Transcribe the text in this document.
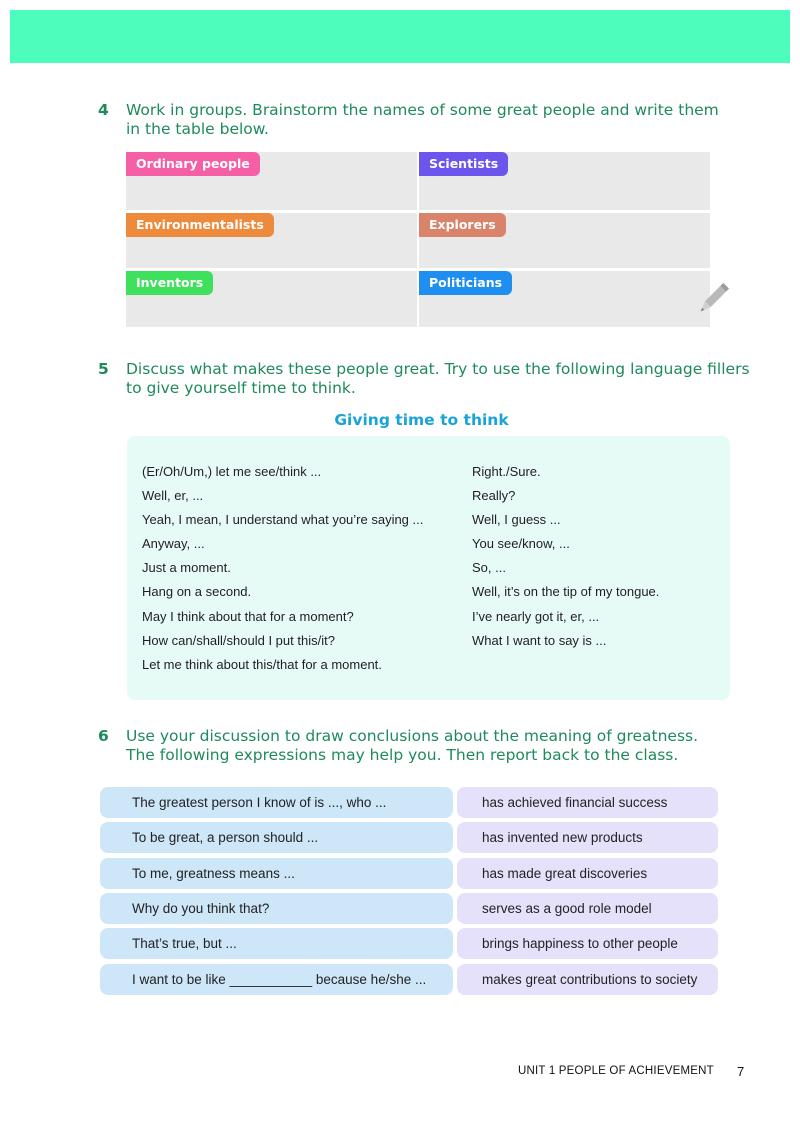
4 Work in groups. Brainstorm the names of some great people and write them
in the table below.
Ordinary people	Scientists
Environmentalists	Explorers
Inventors	Politicians
5 Discuss what makes these people great. Try to use the following language fillers
to give yourself time to think.
Giving time to think
(Er/Oh/Um,) let me see/think ...
Well, er, ...
Yeah, I mean, I understand what you’re saying ...
Anyway, ...
Just a moment.
Hang on a second.
May I think about that for a moment?
How can/shall/should I put this/it?
Let me think about this/that for a moment.
Right./Sure.
Really?
Well, I guess ...
You see/know, ...
So, ...
Well, it’s on the tip of my tongue.
I’ve nearly got it, er, ...
What I want to say is ...
6 Use your discussion to draw conclusions about the meaning of greatness.
The following expressions may help you. Then report back to the class.
The greatest person I know of is ..., who ...
To be great, a person should ...
To me, greatness means ...
Why do you think that?
That’s true, but ...
I want to be like ___________ because he/she ...
has achieved financial success
has invented new products
has made great discoveries
serves as a good role model
brings happiness to other people
makes great contributions to society
UNIT 1 PEOPLE OF ACHIEVEMENT 7
